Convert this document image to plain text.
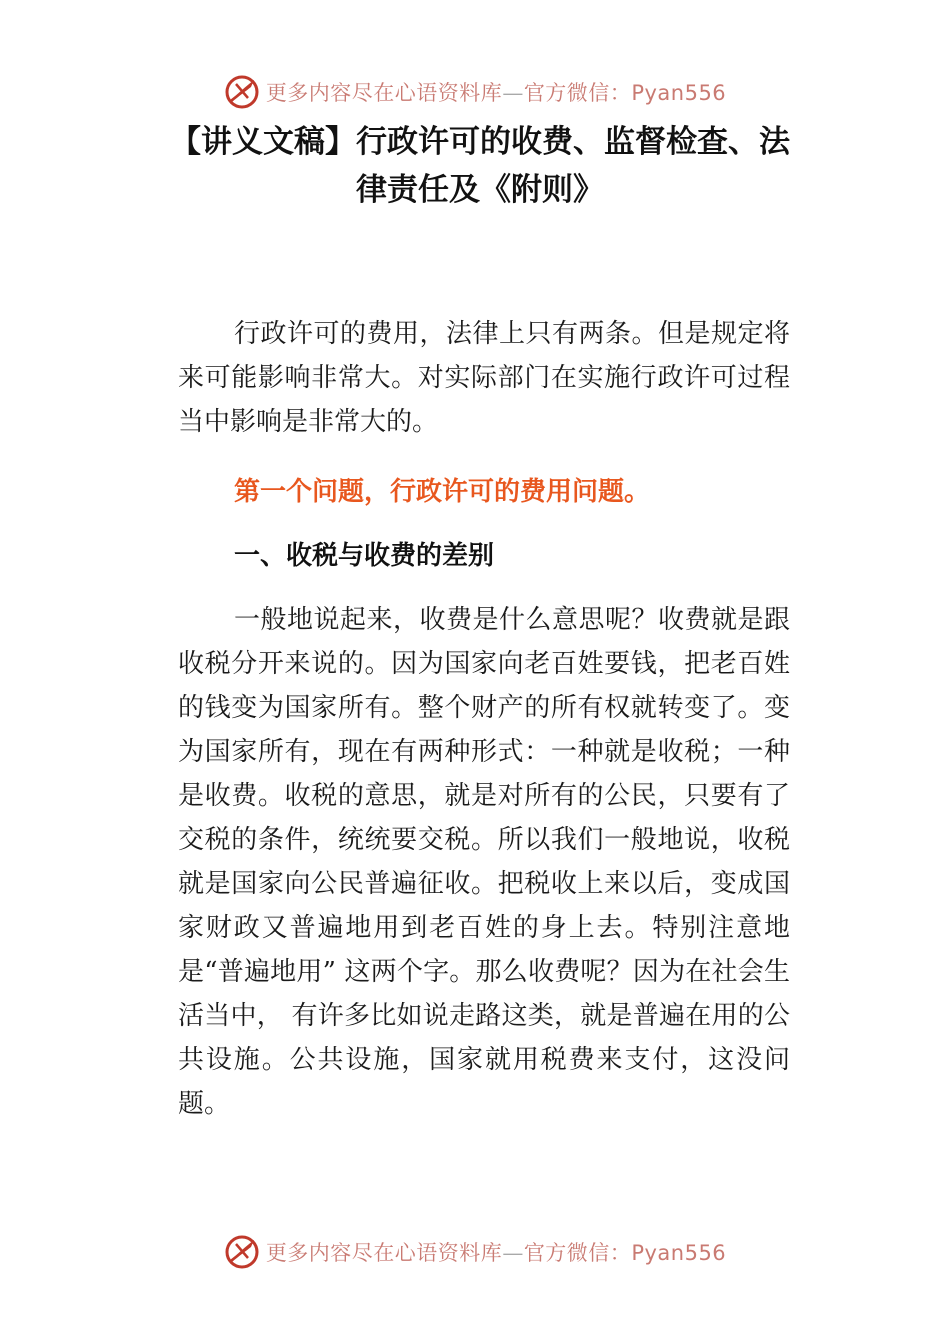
更多内容尽在心语资料库—官方微信：Pyan556
【讲义文稿】行政许可的收费、监督检查、法律责任及《附则》

行政许可的费用，法律上只有两条。但是规定将来可能影响非常大。对实际部门在实施行政许可过程当中影响是非常大的。

第一个问题，行政许可的费用问题。

一、收税与收费的差别

一般地说起来，收费是什么意思呢？收费就是跟收税分开来说的。因为国家向老百姓要钱，把老百姓的钱变为国家所有。整个财产的所有权就转变了。变为国家所有，现在有两种形式：一种就是收税；一种是收费。收税的意思，就是对所有的公民，只要有了交税的条件，统统要交税。所以我们一般地说，收税就是国家向公民普遍征收。把税收上来以后，变成国家财政又普遍地用到老百姓的身上去。特别注意地是“普遍地用” 这两个字。那么收费呢？因为在社会生活当中， 有许多比如说走路这类，就是普遍在用的公共设施。公共设施，国家就用税费来支付，这没问题。

更多内容尽在心语资料库—官方微信：Pyan556
